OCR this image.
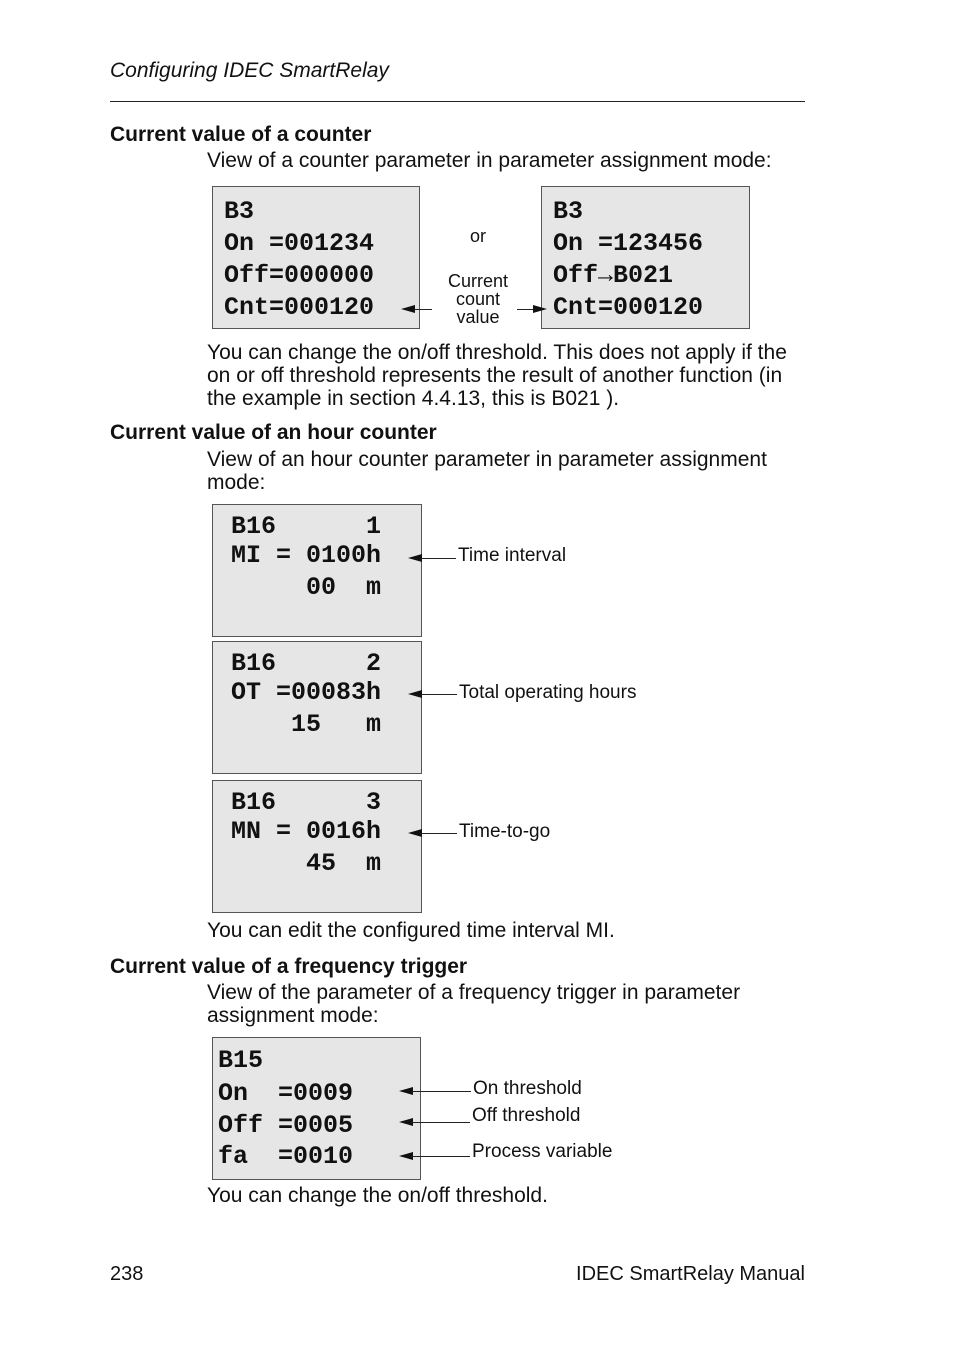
Configuring IDEC SmartRelay
Current value of a counter
View of a counter parameter in parameter assignment mode:
B3
On =001234
Off=000000
Cnt=000120
or
B3
On =123456
Off→B021
Cnt=000120
Current
count
value
You can change the on/off threshold. This does not apply if the on or off threshold represents the result of another function (in the example in section 4.4.13, this is B021 ).
Current value of an hour counter
View of an hour counter parameter in parameter assignment mode:
B16      1
MI = 0100h
00  m
Time interval
B16      2
OT =00083h
15   m
Total operating hours
B16      3
MN = 0016h
45  m
Time-to-go
You can edit the configured time interval MI.
Current value of a frequency trigger
View of the parameter of a frequency trigger in parameter assignment mode:
B15
On  =0009
Off =0005
fa  =0010
On threshold
Off threshold
Process variable
You can change the on/off threshold.
238	IDEC SmartRelay Manual
